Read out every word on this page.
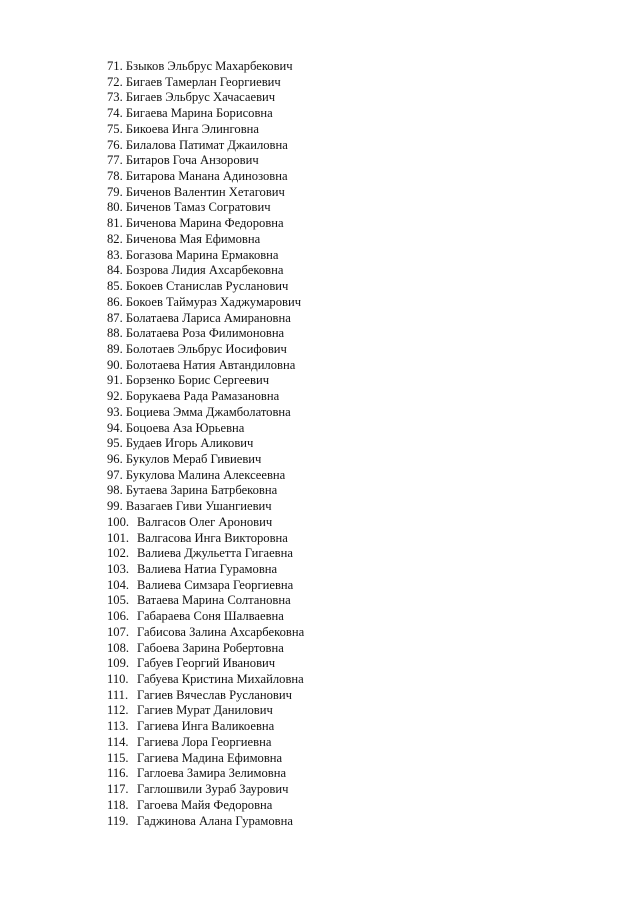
71. Бзыков Эльбрус Махарбекович
72. Бигаев Тамерлан Георгиевич
73. Бигаев Эльбрус Хачасаевич
74. Бигаева Марина Борисовна
75. Бикоева Инга Элинговна
76. Билалова Патимат Джаиловна
77. Битаров Гоча Анзорович
78. Битарова Манана Адинозовна
79. Биченов Валентин Хетагович
80. Биченов Тамаз Согратович
81. Биченова Марина Федоровна
82. Биченова Мая Ефимовна
83. Богазова Марина Ермаковна
84. Бозрова Лидия Ахсарбековна
85. Бокоев Станислав Русланович
86. Бокоев Таймураз Хаджумарович
87. Болатаева Лариса Амирановна
88. Болатаева Роза Филимоновна
89. Болотаев Эльбрус Иосифович
90. Болотаева Натия Автандиловна
91. Борзенко Борис Сергеевич
92. Борукаева Рада Рамазановна
93. Боциева Эмма Джамболатовна
94. Боцоева Аза Юрьевна
95. Будаев Игорь Аликович
96. Букулов Мераб Гивиевич
97. Букулова Малина Алексеевна
98. Бутаева Зарина Батрбековна
99. Вазагаев Гиви Ушангиевич
100. Валгасов Олег Аронович
101. Валгасова Инга Викторовна
102. Валиева Джульетта Гигаевна
103. Валиева Натиа Гурамовна
104. Валиева Симзара Георгиевна
105. Ватаева Марина Солтановна
106. Габараева Соня Шалваевна
107. Габисова Залина Ахсарбековна
108. Габоева Зарина Робертовна
109. Габуев Георгий Иванович
110. Габуева Кристина Михайловна
111. Гагиев Вячеслав Русланович
112. Гагиев Мурат Данилович
113. Гагиева Инга Валикоевна
114. Гагиева Лора Георгиевна
115. Гагиева Мадина Ефимовна
116. Гаглоева Замира Зелимовна
117. Гаглошвили Зураб Заурович
118. Гагоева Майя Федоровна
119. Гаджинова Алана Гурамовна
